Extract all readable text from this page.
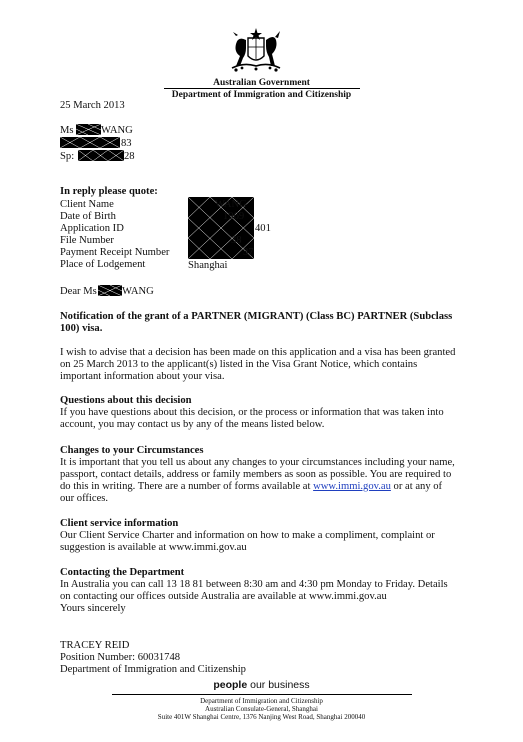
Australian Government
Department of Immigration and Citizenship
25 March 2013
Ms	WANG
83
Sp:	28
In reply please quote:
Client Name
Date of Birth
Application ID
File Number
Payment Receipt Number
Place of Lodgement
WANG
1969
401
38
37
Shanghai
Dear Ms WANG
Notification of the grant of a PARTNER (MIGRANT) (Class BC) PARTNER (Subclass
100) visa.
I wish to advise that a decision has been made on this application and a visa has been granted
on 25 March 2013 to the applicant(s) listed in the Visa Grant Notice, which contains
important information about your visa.
Questions about this decision
If you have questions about this decision, or the process or information that was taken into
account, you may contact us by any of the means listed below.
Changes to your Circumstances
It is important that you tell us about any changes to your circumstances including your name,
passport, contact details, address or family members as soon as possible. You are required to
do this in writing. There are a number of forms available at www.immi.gov.au or at any of
our offices.
Client service information
Our Client Service Charter and information on how to make a compliment, complaint or
suggestion is available at www.immi.gov.au
Contacting the Department
In Australia you can call 13 18 81 between 8:30 am and 4:30 pm Monday to Friday. Details
on contacting our offices outside Australia are available at www.immi.gov.au
Yours sincerely
TRACEY REID
Position Number: 60031748
Department of Immigration and Citizenship
people our business
Department of Immigration and Citizenship
Australian Consulate-General, Shanghai
Suite 401W Shanghai Centre, 1376 Nanjing West Road, Shanghai 200040
